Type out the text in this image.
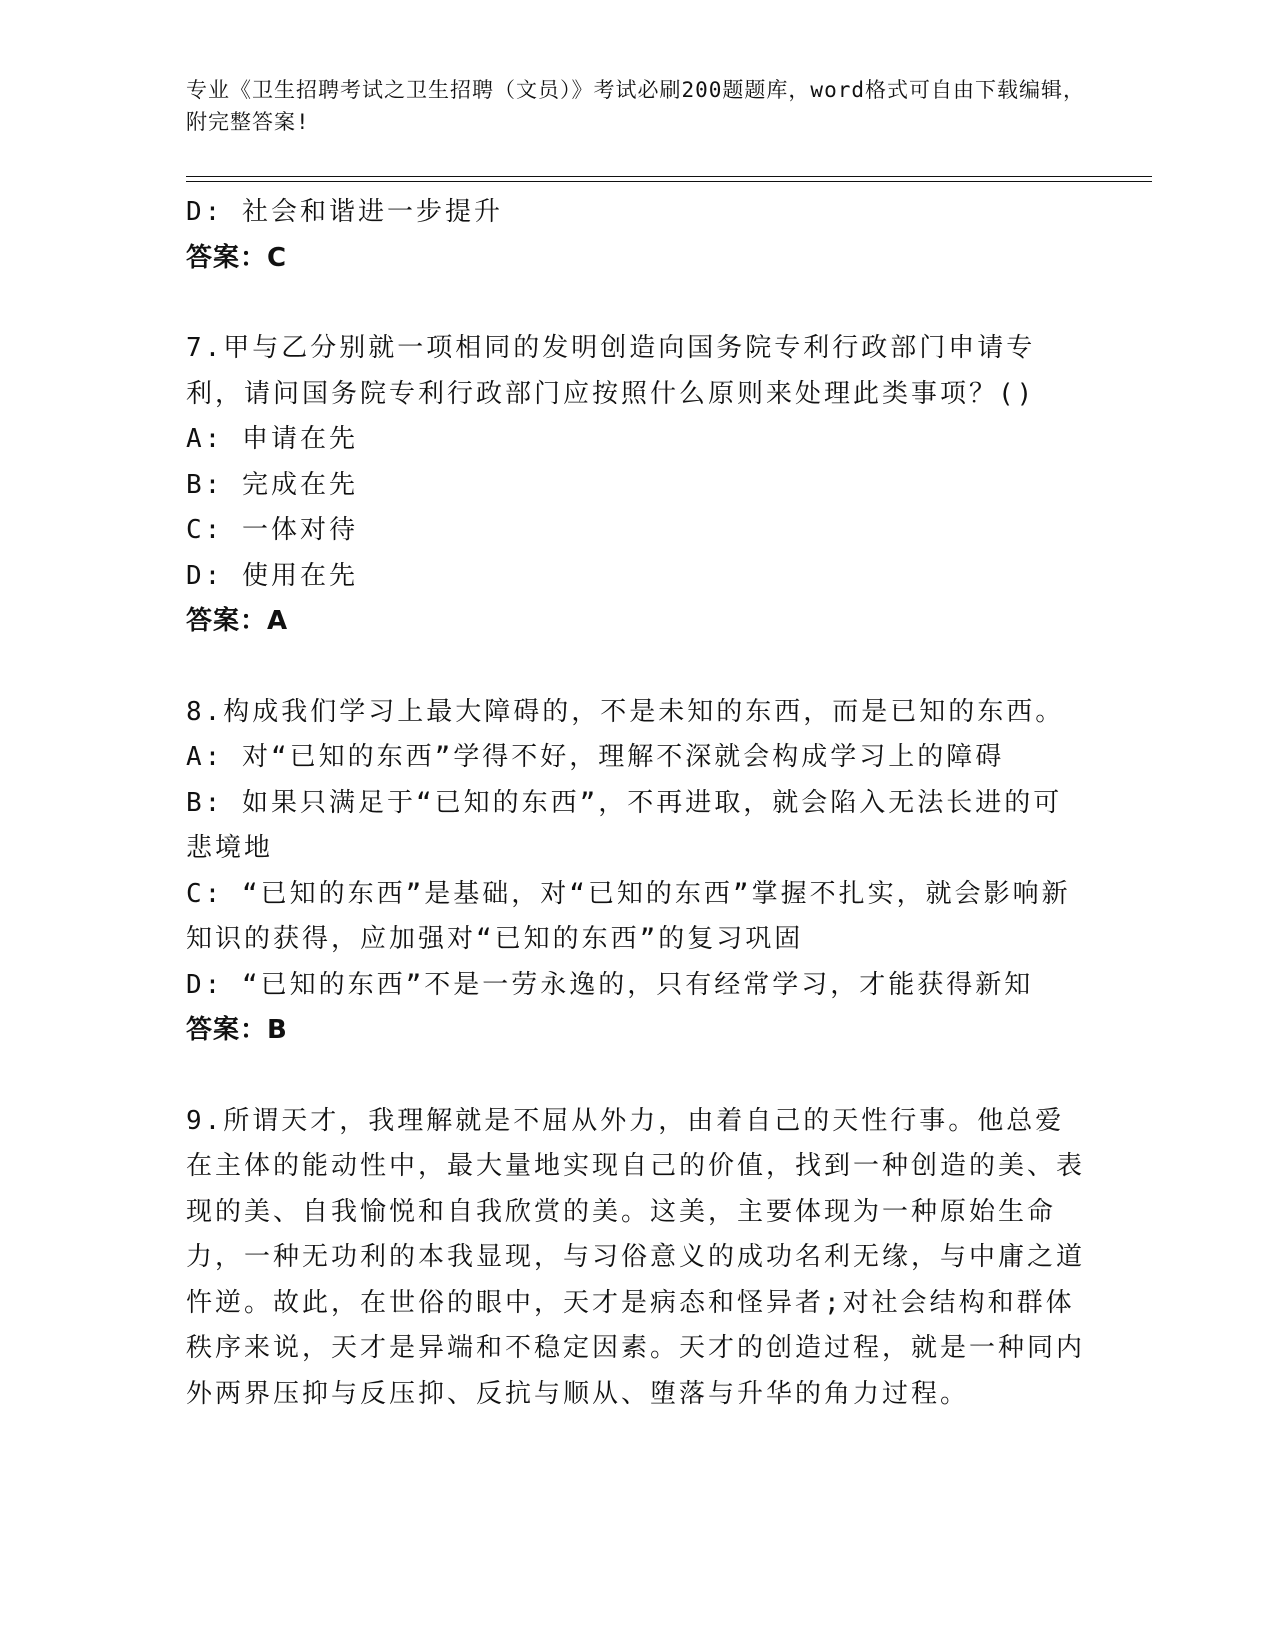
专业《卫生招聘考试之卫生招聘（文员）》考试必刷200题题库，word格式可自由下载编辑，附完整答案!
D: 社会和谐进一步提升
答案：C
7.甲与乙分别就一项相同的发明创造向国务院专利行政部门申请专利，请问国务院专利行政部门应按照什么原则来处理此类事项？()
A: 申请在先
B: 完成在先
C: 一体对待
D: 使用在先
答案：A
8.构成我们学习上最大障碍的，不是未知的东西，而是已知的东西。
A: 对“已知的东西”学得不好，理解不深就会构成学习上的障碍
B: 如果只满足于“已知的东西”，不再进取，就会陷入无法长进的可悲境地
C: “已知的东西”是基础，对“已知的东西”掌握不扎实，就会影响新知识的获得，应加强对“已知的东西”的复习巩固
D: “已知的东西”不是一劳永逸的，只有经常学习，才能获得新知
答案：B
9.所谓天才，我理解就是不屈从外力，由着自己的天性行事。他总爱在主体的能动性中，最大量地实现自己的价值，找到一种创造的美、表现的美、自我愉悦和自我欣赏的美。这美，主要体现为一种原始生命力，一种无功利的本我显现，与习俗意义的成功名利无缘，与中庸之道忤逆。故此，在世俗的眼中，天才是病态和怪异者;对社会结构和群体秩序来说，天才是异端和不稳定因素。天才的创造过程，就是一种同内外两界压抑与反压抑、反抗与顺从、堕落与升华的角力过程。
